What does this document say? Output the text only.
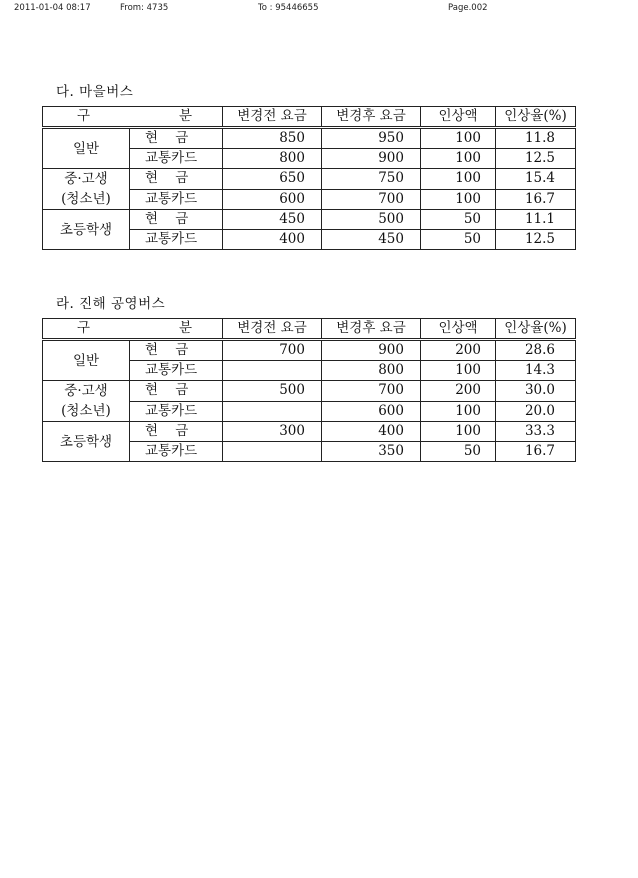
2011-01-04 08:17	From: 4735	To : 95446655	Page.002
다. 마을버스
구 분		변경전 요금	변경후 요금	인상액	인상율(%)

일반	현    금	850	950	100	11.8
	교통카드	800	900	100	12.5

중·고생
(청소년)	현    금	650	750	100	15.4
	교통카드	600	700	100	16.7

초등학생	현    금	450	500	50	11.1
	교통카드	400	450	50	12.5
라. 진해 공영버스
구 분		변경전 요금	변경후 요금	인상액	인상율(%)

일반	현    금	700	900	200	28.6
	교통카드		800	100	14.3

중·고생
(청소년)	현    금	500	700	200	30.0
	교통카드		600	100	20.0

초등학생	현    금	300	400	100	33.3
	교통카드		350	50	16.7
